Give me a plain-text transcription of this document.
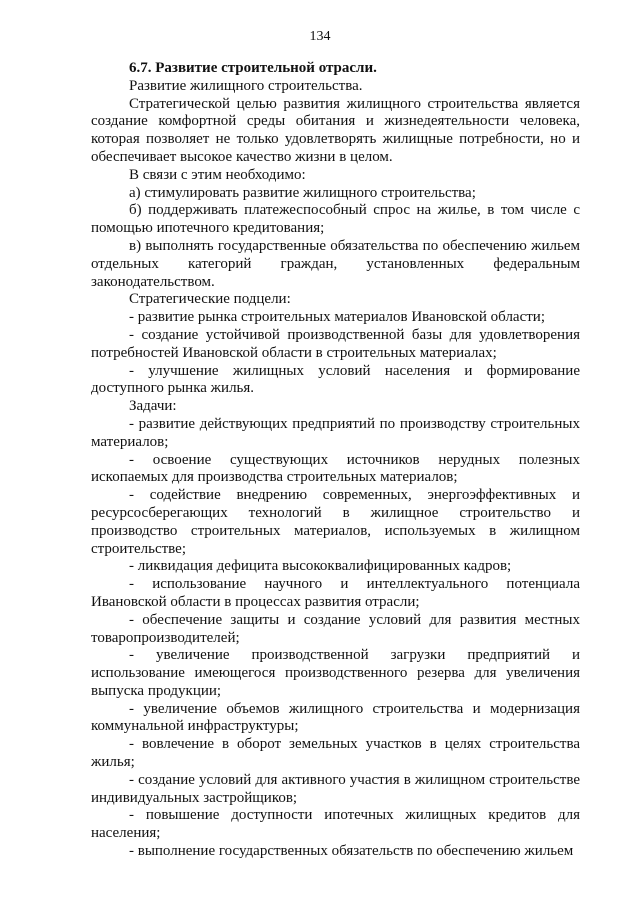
134

6.7. Развитие строительной отрасли.

Развитие жилищного строительства.

Стратегической целью развития жилищного строительства является создание комфортной среды обитания и жизнедеятельности человека, которая позволяет не только удовлетворять жилищные потребности, но и обеспечивает высокое качество жизни в целом.

В связи с этим необходимо:

а) стимулировать развитие жилищного строительства;

б) поддерживать платежеспособный спрос на жилье, в том числе с помощью ипотечного кредитования;

в) выполнять государственные обязательства по обеспечению жильем отдельных категорий граждан, установленных федеральным законодательством.

Стратегические подцели:

- развитие рынка строительных материалов Ивановской области;

- создание устойчивой производственной базы для удовлетворения потребностей Ивановской области в строительных материалах;

- улучшение жилищных условий населения и формирование доступного рынка жилья.

Задачи:

- развитие действующих предприятий по производству строительных материалов;

- освоение существующих источников нерудных полезных ископаемых для производства строительных материалов;

- содействие внедрению современных, энергоэффективных и ресурсосберегающих технологий в жилищное строительство и производство строительных материалов, используемых в жилищном строительстве;

- ликвидация дефицита высококвалифицированных кадров;

- использование научного и интеллектуального потенциала Ивановской области в процессах развития отрасли;

- обеспечение защиты и создание условий для развития местных товаропроизводителей;

- увеличение производственной загрузки предприятий и использование имеющегося производственного резерва для увеличения выпуска продукции;

- увеличение объемов жилищного строительства и модернизация коммунальной инфраструктуры;

- вовлечение в оборот земельных участков в целях строительства жилья;

- создание условий для активного участия в жилищном строительстве индивидуальных застройщиков;

- повышение доступности ипотечных жилищных кредитов для населения;

- выполнение государственных обязательств по обеспечению жильем
